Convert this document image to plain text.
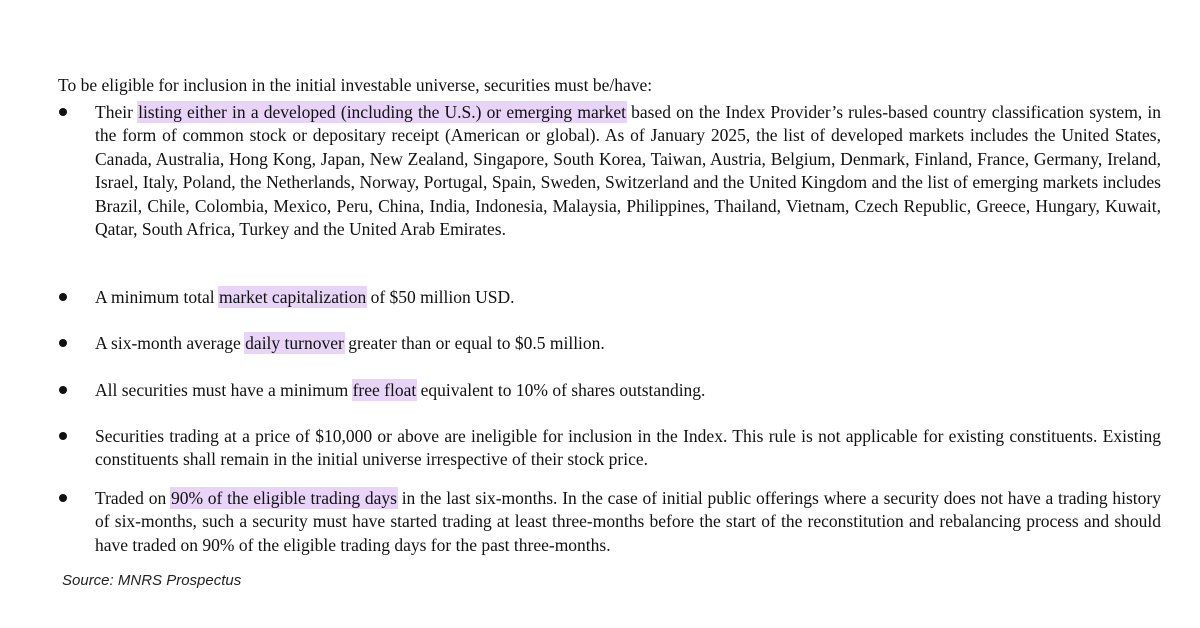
To be eligible for inclusion in the initial investable universe, securities must be/have:

Their listing either in a developed (including the U.S.) or emerging market based on the Index Provider’s rules-based country classification system, in the form of common stock or depositary receipt (American or global). As of January 2025, the list of developed markets includes the United States, Canada, Australia, Hong Kong, Japan, New Zealand, Singapore, South Korea, Taiwan, Austria, Belgium, Denmark, Finland, France, Germany, Ireland, Israel, Italy, Poland, the Netherlands, Norway, Portugal, Spain, Sweden, Switzerland and the United Kingdom and the list of emerging markets includes Brazil, Chile, Colombia, Mexico, Peru, China, India, Indonesia, Malaysia, Philippines, Thailand, Vietnam, Czech Republic, Greece, Hungary, Kuwait, Qatar, South Africa, Turkey and the United Arab Emirates.
A minimum total market capitalization of $50 million USD.
A six-month average daily turnover greater than or equal to $0.5 million.
All securities must have a minimum free float equivalent to 10% of shares outstanding.
Securities trading at a price of $10,000 or above are ineligible for inclusion in the Index. This rule is not applicable for existing constituents. Existing constituents shall remain in the initial universe irrespective of their stock price.
Traded on 90% of the eligible trading days in the last six-months. In the case of initial public offerings where a security does not have a trading history of six-months, such a security must have started trading at least three-months before the start of the reconstitution and rebalancing process and should have traded on 90% of the eligible trading days for the past three-months.
Source: MNRS Prospectus
